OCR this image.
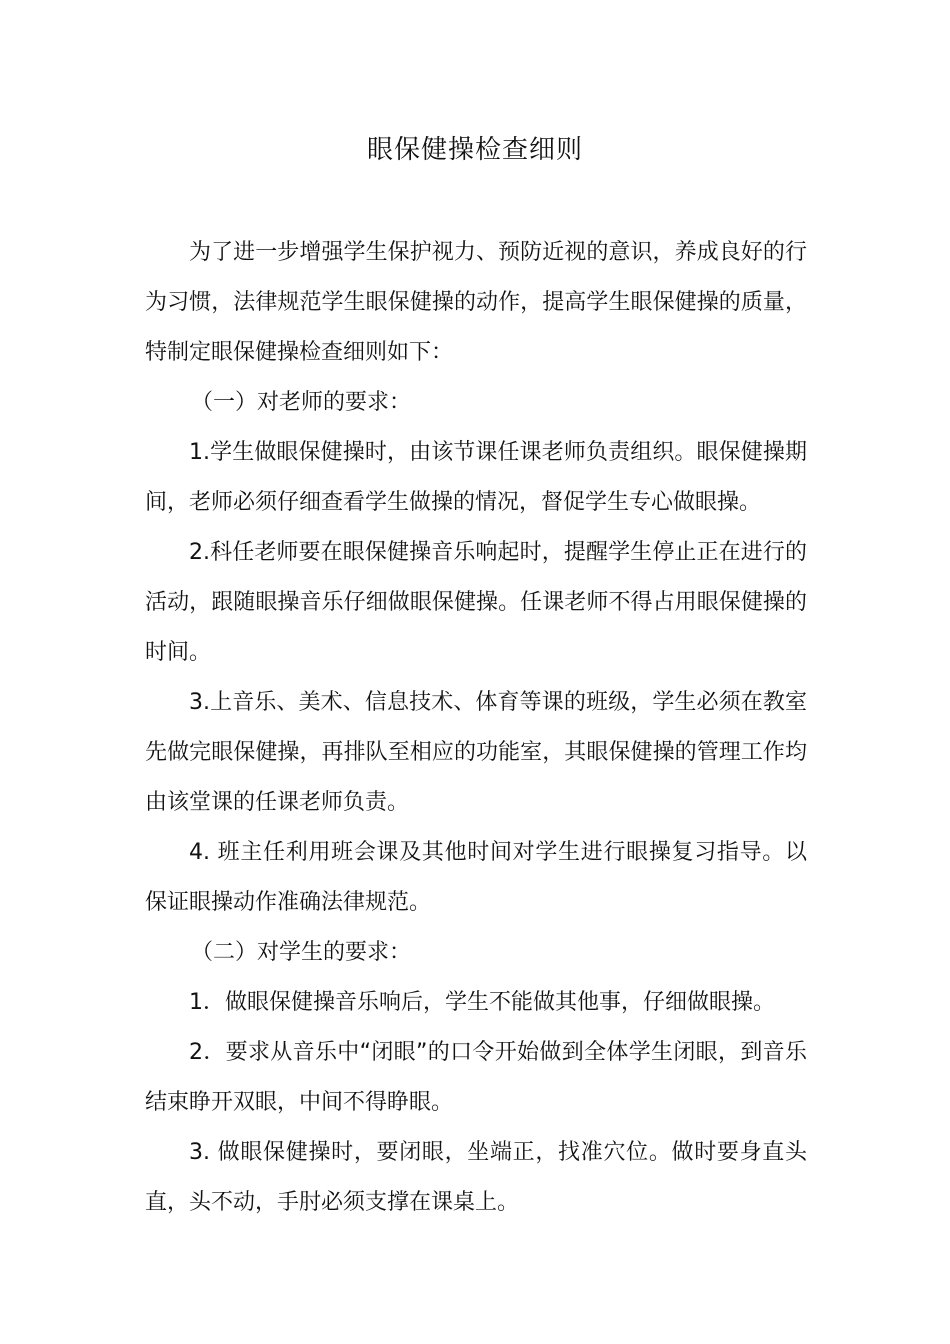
眼保健操检查细则

为了进一步增强学生保护视力、预防近视的意识，养成良好的行为习惯，法律规范学生眼保健操的动作，提高学生眼保健操的质量，特制定眼保健操检查细则如下：

（一）对老师的要求：

1.学生做眼保健操时，由该节课任课老师负责组织。眼保健操期间，老师必须仔细查看学生做操的情况，督促学生专心做眼操。

2.科任老师要在眼保健操音乐响起时，提醒学生停止正在进行的活动，跟随眼操音乐仔细做眼保健操。任课老师不得占用眼保健操的时间。

3.上音乐、美术、信息技术、体育等课的班级，学生必须在教室先做完眼保健操，再排队至相应的功能室，其眼保健操的管理工作均由该堂课的任课老师负责。

4. 班主任利用班会课及其他时间对学生进行眼操复习指导。以保证眼操动作准确法律规范。

（二）对学生的要求：

1．做眼保健操音乐响后，学生不能做其他事，仔细做眼操。

2．要求从音乐中“闭眼”的口令开始做到全体学生闭眼，到音乐结束睁开双眼，中间不得睁眼。

3. 做眼保健操时，要闭眼，坐端正，找准穴位。做时要身直头直，头不动，手肘必须支撑在课桌上。
